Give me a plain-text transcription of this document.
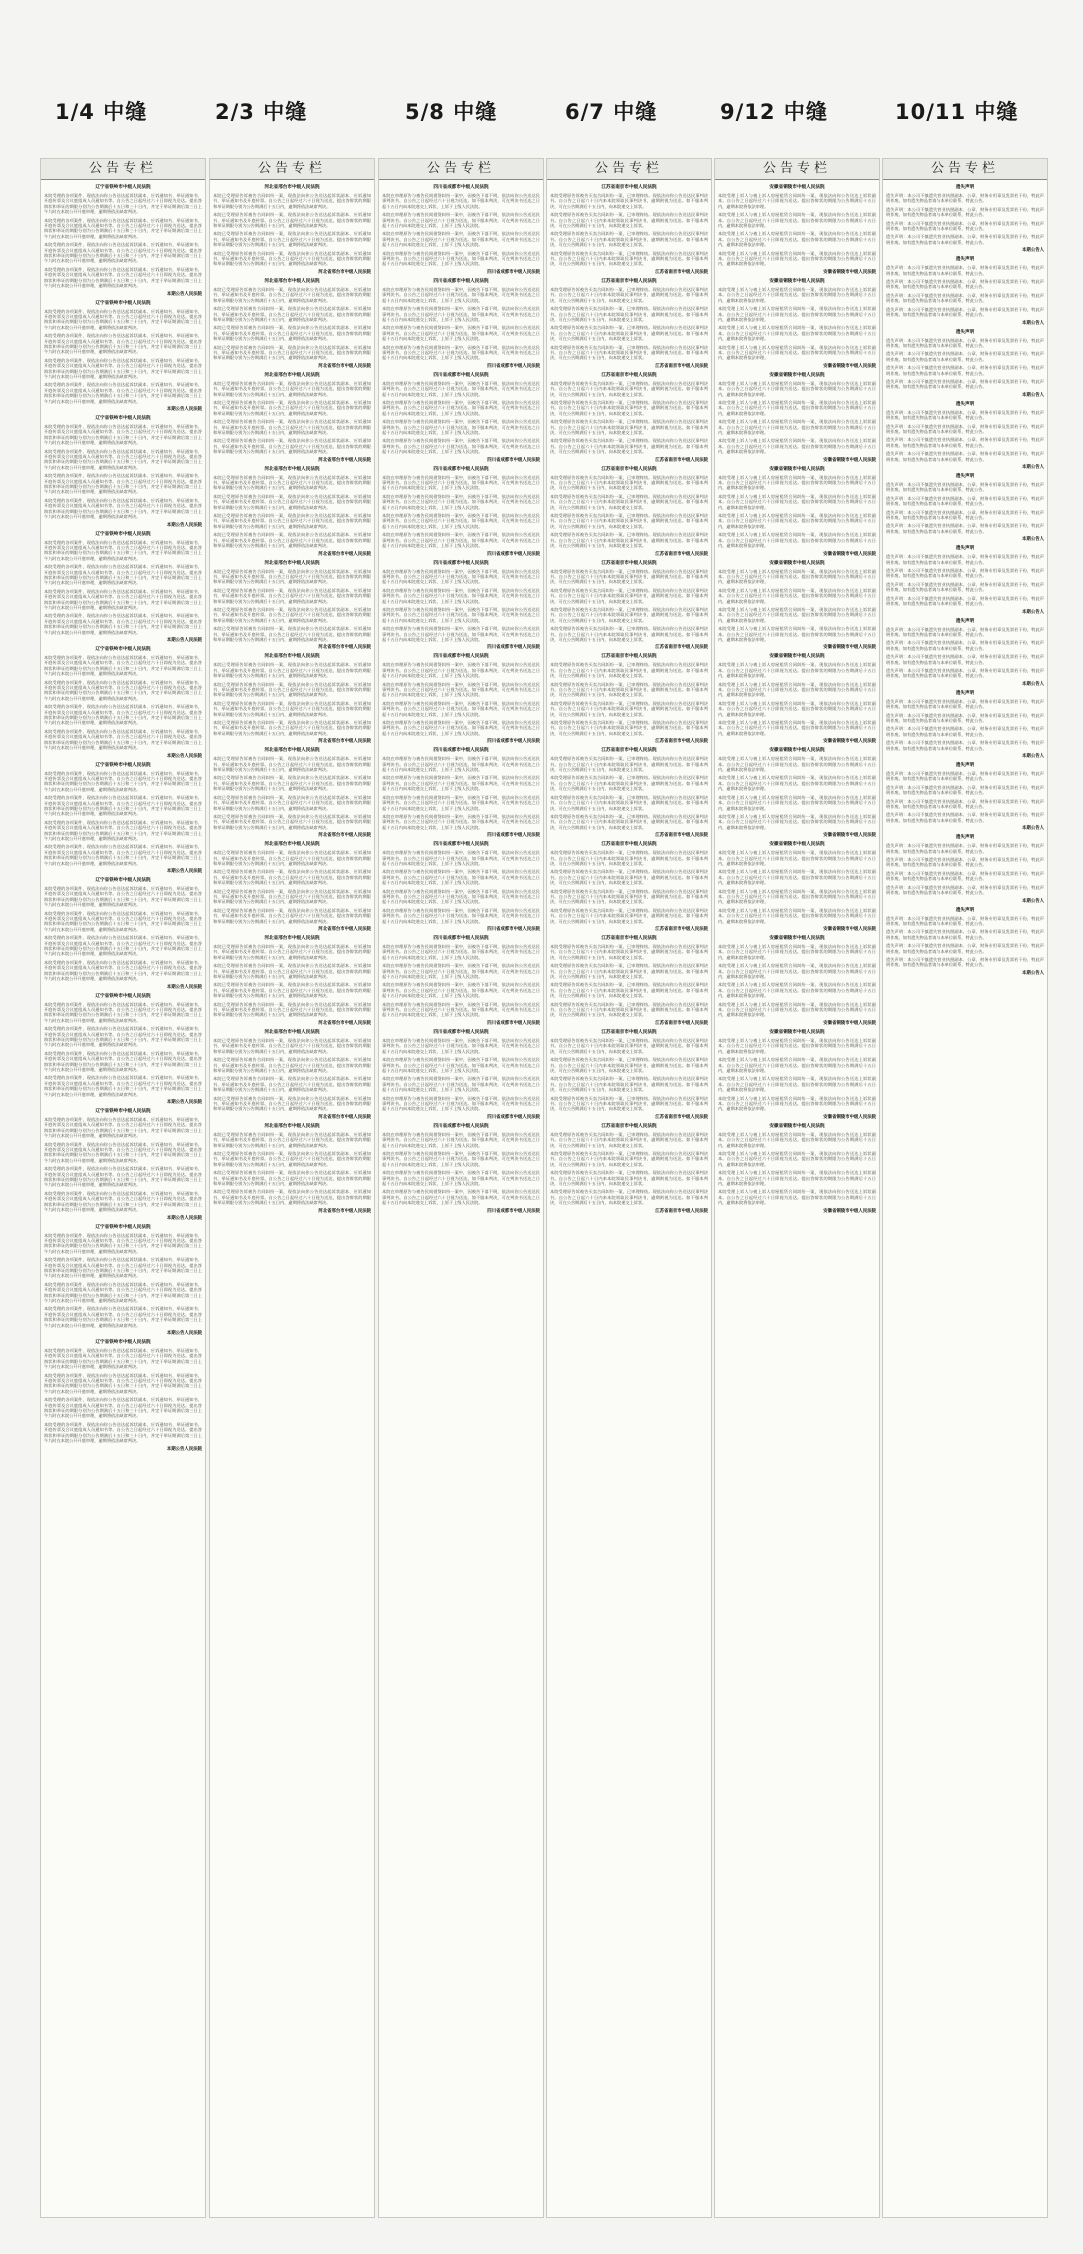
1/4 中缝
公告专栏
辽宁省铁岭市中级人民法院
本院受理的各项案件，现依法向你公告送达起诉状副本、应诉通知书、举证通知书、开庭传票及合议庭组成人员通知书等。自公告之日起经过六十日即视为送达。提出答辩状和举证的期限分别为公告期满后十五日和三十日内，并定于举证期满后第三日上午九时在本院公开开庭审理，逾期将依法缺席判决。
本院受理的各项案件，现依法向你公告送达起诉状副本、应诉通知书、举证通知书、开庭传票及合议庭组成人员通知书等。自公告之日起经过六十日即视为送达。提出答辩状和举证的期限分别为公告期满后十五日和三十日内，并定于举证期满后第三日上午九时在本院公开开庭审理，逾期将依法缺席判决。
本院受理的各项案件，现依法向你公告送达起诉状副本、应诉通知书、举证通知书、开庭传票及合议庭组成人员通知书等。自公告之日起经过六十日即视为送达。提出答辩状和举证的期限分别为公告期满后十五日和三十日内，并定于举证期满后第三日上午九时在本院公开开庭审理，逾期将依法缺席判决。
本院受理的各项案件，现依法向你公告送达起诉状副本、应诉通知书、举证通知书、开庭传票及合议庭组成人员通知书等。自公告之日起经过六十日即视为送达。提出答辩状和举证的期限分别为公告期满后十五日和三十日内，并定于举证期满后第三日上午九时在本院公开开庭审理，逾期将依法缺席判决。
本期公告人民法院
辽宁省铁岭市中级人民法院
本院受理的各项案件，现依法向你公告送达起诉状副本、应诉通知书、举证通知书、开庭传票及合议庭组成人员通知书等。自公告之日起经过六十日即视为送达。提出答辩状和举证的期限分别为公告期满后十五日和三十日内，并定于举证期满后第三日上午九时在本院公开开庭审理，逾期将依法缺席判决。
本院受理的各项案件，现依法向你公告送达起诉状副本、应诉通知书、举证通知书、开庭传票及合议庭组成人员通知书等。自公告之日起经过六十日即视为送达。提出答辩状和举证的期限分别为公告期满后十五日和三十日内，并定于举证期满后第三日上午九时在本院公开开庭审理，逾期将依法缺席判决。
本院受理的各项案件，现依法向你公告送达起诉状副本、应诉通知书、举证通知书、开庭传票及合议庭组成人员通知书等。自公告之日起经过六十日即视为送达。提出答辩状和举证的期限分别为公告期满后十五日和三十日内，并定于举证期满后第三日上午九时在本院公开开庭审理，逾期将依法缺席判决。
本院受理的各项案件，现依法向你公告送达起诉状副本、应诉通知书、举证通知书、开庭传票及合议庭组成人员通知书等。自公告之日起经过六十日即视为送达。提出答辩状和举证的期限分别为公告期满后十五日和三十日内，并定于举证期满后第三日上午九时在本院公开开庭审理，逾期将依法缺席判决。
本期公告人民法院
辽宁省铁岭市中级人民法院
本院受理的各项案件，现依法向你公告送达起诉状副本、应诉通知书、举证通知书、开庭传票及合议庭组成人员通知书等。自公告之日起经过六十日即视为送达。提出答辩状和举证的期限分别为公告期满后十五日和三十日内，并定于举证期满后第三日上午九时在本院公开开庭审理，逾期将依法缺席判决。
本院受理的各项案件，现依法向你公告送达起诉状副本、应诉通知书、举证通知书、开庭传票及合议庭组成人员通知书等。自公告之日起经过六十日即视为送达。提出答辩状和举证的期限分别为公告期满后十五日和三十日内，并定于举证期满后第三日上午九时在本院公开开庭审理，逾期将依法缺席判决。
本院受理的各项案件，现依法向你公告送达起诉状副本、应诉通知书、举证通知书、开庭传票及合议庭组成人员通知书等。自公告之日起经过六十日即视为送达。提出答辩状和举证的期限分别为公告期满后十五日和三十日内，并定于举证期满后第三日上午九时在本院公开开庭审理，逾期将依法缺席判决。
本院受理的各项案件，现依法向你公告送达起诉状副本、应诉通知书、举证通知书、开庭传票及合议庭组成人员通知书等。自公告之日起经过六十日即视为送达。提出答辩状和举证的期限分别为公告期满后十五日和三十日内，并定于举证期满后第三日上午九时在本院公开开庭审理，逾期将依法缺席判决。
本期公告人民法院
辽宁省铁岭市中级人民法院
本院受理的各项案件，现依法向你公告送达起诉状副本、应诉通知书、举证通知书、开庭传票及合议庭组成人员通知书等。自公告之日起经过六十日即视为送达。提出答辩状和举证的期限分别为公告期满后十五日和三十日内，并定于举证期满后第三日上午九时在本院公开开庭审理，逾期将依法缺席判决。
本院受理的各项案件，现依法向你公告送达起诉状副本、应诉通知书、举证通知书、开庭传票及合议庭组成人员通知书等。自公告之日起经过六十日即视为送达。提出答辩状和举证的期限分别为公告期满后十五日和三十日内，并定于举证期满后第三日上午九时在本院公开开庭审理，逾期将依法缺席判决。
本院受理的各项案件，现依法向你公告送达起诉状副本、应诉通知书、举证通知书、开庭传票及合议庭组成人员通知书等。自公告之日起经过六十日即视为送达。提出答辩状和举证的期限分别为公告期满后十五日和三十日内，并定于举证期满后第三日上午九时在本院公开开庭审理，逾期将依法缺席判决。
本院受理的各项案件，现依法向你公告送达起诉状副本、应诉通知书、举证通知书、开庭传票及合议庭组成人员通知书等。自公告之日起经过六十日即视为送达。提出答辩状和举证的期限分别为公告期满后十五日和三十日内，并定于举证期满后第三日上午九时在本院公开开庭审理，逾期将依法缺席判决。
本期公告人民法院
辽宁省铁岭市中级人民法院
本院受理的各项案件，现依法向你公告送达起诉状副本、应诉通知书、举证通知书、开庭传票及合议庭组成人员通知书等。自公告之日起经过六十日即视为送达。提出答辩状和举证的期限分别为公告期满后十五日和三十日内，并定于举证期满后第三日上午九时在本院公开开庭审理，逾期将依法缺席判决。
本院受理的各项案件，现依法向你公告送达起诉状副本、应诉通知书、举证通知书、开庭传票及合议庭组成人员通知书等。自公告之日起经过六十日即视为送达。提出答辩状和举证的期限分别为公告期满后十五日和三十日内，并定于举证期满后第三日上午九时在本院公开开庭审理，逾期将依法缺席判决。
本院受理的各项案件，现依法向你公告送达起诉状副本、应诉通知书、举证通知书、开庭传票及合议庭组成人员通知书等。自公告之日起经过六十日即视为送达。提出答辩状和举证的期限分别为公告期满后十五日和三十日内，并定于举证期满后第三日上午九时在本院公开开庭审理，逾期将依法缺席判决。
本院受理的各项案件，现依法向你公告送达起诉状副本、应诉通知书、举证通知书、开庭传票及合议庭组成人员通知书等。自公告之日起经过六十日即视为送达。提出答辩状和举证的期限分别为公告期满后十五日和三十日内，并定于举证期满后第三日上午九时在本院公开开庭审理，逾期将依法缺席判决。
本期公告人民法院
辽宁省铁岭市中级人民法院
本院受理的各项案件，现依法向你公告送达起诉状副本、应诉通知书、举证通知书、开庭传票及合议庭组成人员通知书等。自公告之日起经过六十日即视为送达。提出答辩状和举证的期限分别为公告期满后十五日和三十日内，并定于举证期满后第三日上午九时在本院公开开庭审理，逾期将依法缺席判决。
本院受理的各项案件，现依法向你公告送达起诉状副本、应诉通知书、举证通知书、开庭传票及合议庭组成人员通知书等。自公告之日起经过六十日即视为送达。提出答辩状和举证的期限分别为公告期满后十五日和三十日内，并定于举证期满后第三日上午九时在本院公开开庭审理，逾期将依法缺席判决。
本院受理的各项案件，现依法向你公告送达起诉状副本、应诉通知书、举证通知书、开庭传票及合议庭组成人员通知书等。自公告之日起经过六十日即视为送达。提出答辩状和举证的期限分别为公告期满后十五日和三十日内，并定于举证期满后第三日上午九时在本院公开开庭审理，逾期将依法缺席判决。
本院受理的各项案件，现依法向你公告送达起诉状副本、应诉通知书、举证通知书、开庭传票及合议庭组成人员通知书等。自公告之日起经过六十日即视为送达。提出答辩状和举证的期限分别为公告期满后十五日和三十日内，并定于举证期满后第三日上午九时在本院公开开庭审理，逾期将依法缺席判决。
本期公告人民法院
辽宁省铁岭市中级人民法院
本院受理的各项案件，现依法向你公告送达起诉状副本、应诉通知书、举证通知书、开庭传票及合议庭组成人员通知书等。自公告之日起经过六十日即视为送达。提出答辩状和举证的期限分别为公告期满后十五日和三十日内，并定于举证期满后第三日上午九时在本院公开开庭审理，逾期将依法缺席判决。
本院受理的各项案件，现依法向你公告送达起诉状副本、应诉通知书、举证通知书、开庭传票及合议庭组成人员通知书等。自公告之日起经过六十日即视为送达。提出答辩状和举证的期限分别为公告期满后十五日和三十日内，并定于举证期满后第三日上午九时在本院公开开庭审理，逾期将依法缺席判决。
本院受理的各项案件，现依法向你公告送达起诉状副本、应诉通知书、举证通知书、开庭传票及合议庭组成人员通知书等。自公告之日起经过六十日即视为送达。提出答辩状和举证的期限分别为公告期满后十五日和三十日内，并定于举证期满后第三日上午九时在本院公开开庭审理，逾期将依法缺席判决。
本院受理的各项案件，现依法向你公告送达起诉状副本、应诉通知书、举证通知书、开庭传票及合议庭组成人员通知书等。自公告之日起经过六十日即视为送达。提出答辩状和举证的期限分别为公告期满后十五日和三十日内，并定于举证期满后第三日上午九时在本院公开开庭审理，逾期将依法缺席判决。
本期公告人民法院
辽宁省铁岭市中级人民法院
本院受理的各项案件，现依法向你公告送达起诉状副本、应诉通知书、举证通知书、开庭传票及合议庭组成人员通知书等。自公告之日起经过六十日即视为送达。提出答辩状和举证的期限分别为公告期满后十五日和三十日内，并定于举证期满后第三日上午九时在本院公开开庭审理，逾期将依法缺席判决。
本院受理的各项案件，现依法向你公告送达起诉状副本、应诉通知书、举证通知书、开庭传票及合议庭组成人员通知书等。自公告之日起经过六十日即视为送达。提出答辩状和举证的期限分别为公告期满后十五日和三十日内，并定于举证期满后第三日上午九时在本院公开开庭审理，逾期将依法缺席判决。
本院受理的各项案件，现依法向你公告送达起诉状副本、应诉通知书、举证通知书、开庭传票及合议庭组成人员通知书等。自公告之日起经过六十日即视为送达。提出答辩状和举证的期限分别为公告期满后十五日和三十日内，并定于举证期满后第三日上午九时在本院公开开庭审理，逾期将依法缺席判决。
本院受理的各项案件，现依法向你公告送达起诉状副本、应诉通知书、举证通知书、开庭传票及合议庭组成人员通知书等。自公告之日起经过六十日即视为送达。提出答辩状和举证的期限分别为公告期满后十五日和三十日内，并定于举证期满后第三日上午九时在本院公开开庭审理，逾期将依法缺席判决。
本期公告人民法院
辽宁省铁岭市中级人民法院
本院受理的各项案件，现依法向你公告送达起诉状副本、应诉通知书、举证通知书、开庭传票及合议庭组成人员通知书等。自公告之日起经过六十日即视为送达。提出答辩状和举证的期限分别为公告期满后十五日和三十日内，并定于举证期满后第三日上午九时在本院公开开庭审理，逾期将依法缺席判决。
本院受理的各项案件，现依法向你公告送达起诉状副本、应诉通知书、举证通知书、开庭传票及合议庭组成人员通知书等。自公告之日起经过六十日即视为送达。提出答辩状和举证的期限分别为公告期满后十五日和三十日内，并定于举证期满后第三日上午九时在本院公开开庭审理，逾期将依法缺席判决。
本院受理的各项案件，现依法向你公告送达起诉状副本、应诉通知书、举证通知书、开庭传票及合议庭组成人员通知书等。自公告之日起经过六十日即视为送达。提出答辩状和举证的期限分别为公告期满后十五日和三十日内，并定于举证期满后第三日上午九时在本院公开开庭审理，逾期将依法缺席判决。
本院受理的各项案件，现依法向你公告送达起诉状副本、应诉通知书、举证通知书、开庭传票及合议庭组成人员通知书等。自公告之日起经过六十日即视为送达。提出答辩状和举证的期限分别为公告期满后十五日和三十日内，并定于举证期满后第三日上午九时在本院公开开庭审理，逾期将依法缺席判决。
本期公告人民法院
辽宁省铁岭市中级人民法院
本院受理的各项案件，现依法向你公告送达起诉状副本、应诉通知书、举证通知书、开庭传票及合议庭组成人员通知书等。自公告之日起经过六十日即视为送达。提出答辩状和举证的期限分别为公告期满后十五日和三十日内，并定于举证期满后第三日上午九时在本院公开开庭审理，逾期将依法缺席判决。
本院受理的各项案件，现依法向你公告送达起诉状副本、应诉通知书、举证通知书、开庭传票及合议庭组成人员通知书等。自公告之日起经过六十日即视为送达。提出答辩状和举证的期限分别为公告期满后十五日和三十日内，并定于举证期满后第三日上午九时在本院公开开庭审理，逾期将依法缺席判决。
本院受理的各项案件，现依法向你公告送达起诉状副本、应诉通知书、举证通知书、开庭传票及合议庭组成人员通知书等。自公告之日起经过六十日即视为送达。提出答辩状和举证的期限分别为公告期满后十五日和三十日内，并定于举证期满后第三日上午九时在本院公开开庭审理，逾期将依法缺席判决。
本院受理的各项案件，现依法向你公告送达起诉状副本、应诉通知书、举证通知书、开庭传票及合议庭组成人员通知书等。自公告之日起经过六十日即视为送达。提出答辩状和举证的期限分别为公告期满后十五日和三十日内，并定于举证期满后第三日上午九时在本院公开开庭审理，逾期将依法缺席判决。
本期公告人民法院
辽宁省铁岭市中级人民法院
本院受理的各项案件，现依法向你公告送达起诉状副本、应诉通知书、举证通知书、开庭传票及合议庭组成人员通知书等。自公告之日起经过六十日即视为送达。提出答辩状和举证的期限分别为公告期满后十五日和三十日内，并定于举证期满后第三日上午九时在本院公开开庭审理，逾期将依法缺席判决。
本院受理的各项案件，现依法向你公告送达起诉状副本、应诉通知书、举证通知书、开庭传票及合议庭组成人员通知书等。自公告之日起经过六十日即视为送达。提出答辩状和举证的期限分别为公告期满后十五日和三十日内，并定于举证期满后第三日上午九时在本院公开开庭审理，逾期将依法缺席判决。
本院受理的各项案件，现依法向你公告送达起诉状副本、应诉通知书、举证通知书、开庭传票及合议庭组成人员通知书等。自公告之日起经过六十日即视为送达。提出答辩状和举证的期限分别为公告期满后十五日和三十日内，并定于举证期满后第三日上午九时在本院公开开庭审理，逾期将依法缺席判决。
本院受理的各项案件，现依法向你公告送达起诉状副本、应诉通知书、举证通知书、开庭传票及合议庭组成人员通知书等。自公告之日起经过六十日即视为送达。提出答辩状和举证的期限分别为公告期满后十五日和三十日内，并定于举证期满后第三日上午九时在本院公开开庭审理，逾期将依法缺席判决。
本期公告人民法院
2/3 中缝
公告专栏
河北省邢台市中级人民法院
本院已受理原告诉被告合同纠纷一案，现依法向你公告送达起诉状副本、应诉通知书、举证通知书及开庭传票。自公告之日起经过六十日视为送达，提出答辩状的期限和举证期限分别为公告期满后十五日内，逾期将依法缺席判决。
本院已受理原告诉被告合同纠纷一案，现依法向你公告送达起诉状副本、应诉通知书、举证通知书及开庭传票。自公告之日起经过六十日视为送达，提出答辩状的期限和举证期限分别为公告期满后十五日内，逾期将依法缺席判决。
本院已受理原告诉被告合同纠纷一案，现依法向你公告送达起诉状副本、应诉通知书、举证通知书及开庭传票。自公告之日起经过六十日视为送达，提出答辩状的期限和举证期限分别为公告期满后十五日内，逾期将依法缺席判决。
本院已受理原告诉被告合同纠纷一案，现依法向你公告送达起诉状副本、应诉通知书、举证通知书及开庭传票。自公告之日起经过六十日视为送达，提出答辩状的期限和举证期限分别为公告期满后十五日内，逾期将依法缺席判决。
河北省邢台市中级人民法院
河北省邢台市中级人民法院
本院已受理原告诉被告合同纠纷一案，现依法向你公告送达起诉状副本、应诉通知书、举证通知书及开庭传票。自公告之日起经过六十日视为送达，提出答辩状的期限和举证期限分别为公告期满后十五日内，逾期将依法缺席判决。
本院已受理原告诉被告合同纠纷一案，现依法向你公告送达起诉状副本、应诉通知书、举证通知书及开庭传票。自公告之日起经过六十日视为送达，提出答辩状的期限和举证期限分别为公告期满后十五日内，逾期将依法缺席判决。
本院已受理原告诉被告合同纠纷一案，现依法向你公告送达起诉状副本、应诉通知书、举证通知书及开庭传票。自公告之日起经过六十日视为送达，提出答辩状的期限和举证期限分别为公告期满后十五日内，逾期将依法缺席判决。
本院已受理原告诉被告合同纠纷一案，现依法向你公告送达起诉状副本、应诉通知书、举证通知书及开庭传票。自公告之日起经过六十日视为送达，提出答辩状的期限和举证期限分别为公告期满后十五日内，逾期将依法缺席判决。
河北省邢台市中级人民法院
河北省邢台市中级人民法院
本院已受理原告诉被告合同纠纷一案，现依法向你公告送达起诉状副本、应诉通知书、举证通知书及开庭传票。自公告之日起经过六十日视为送达，提出答辩状的期限和举证期限分别为公告期满后十五日内，逾期将依法缺席判决。
本院已受理原告诉被告合同纠纷一案，现依法向你公告送达起诉状副本、应诉通知书、举证通知书及开庭传票。自公告之日起经过六十日视为送达，提出答辩状的期限和举证期限分别为公告期满后十五日内，逾期将依法缺席判决。
本院已受理原告诉被告合同纠纷一案，现依法向你公告送达起诉状副本、应诉通知书、举证通知书及开庭传票。自公告之日起经过六十日视为送达，提出答辩状的期限和举证期限分别为公告期满后十五日内，逾期将依法缺席判决。
本院已受理原告诉被告合同纠纷一案，现依法向你公告送达起诉状副本、应诉通知书、举证通知书及开庭传票。自公告之日起经过六十日视为送达，提出答辩状的期限和举证期限分别为公告期满后十五日内，逾期将依法缺席判决。
河北省邢台市中级人民法院
河北省邢台市中级人民法院
本院已受理原告诉被告合同纠纷一案，现依法向你公告送达起诉状副本、应诉通知书、举证通知书及开庭传票。自公告之日起经过六十日视为送达，提出答辩状的期限和举证期限分别为公告期满后十五日内，逾期将依法缺席判决。
本院已受理原告诉被告合同纠纷一案，现依法向你公告送达起诉状副本、应诉通知书、举证通知书及开庭传票。自公告之日起经过六十日视为送达，提出答辩状的期限和举证期限分别为公告期满后十五日内，逾期将依法缺席判决。
本院已受理原告诉被告合同纠纷一案，现依法向你公告送达起诉状副本、应诉通知书、举证通知书及开庭传票。自公告之日起经过六十日视为送达，提出答辩状的期限和举证期限分别为公告期满后十五日内，逾期将依法缺席判决。
本院已受理原告诉被告合同纠纷一案，现依法向你公告送达起诉状副本、应诉通知书、举证通知书及开庭传票。自公告之日起经过六十日视为送达，提出答辩状的期限和举证期限分别为公告期满后十五日内，逾期将依法缺席判决。
河北省邢台市中级人民法院
河北省邢台市中级人民法院
本院已受理原告诉被告合同纠纷一案，现依法向你公告送达起诉状副本、应诉通知书、举证通知书及开庭传票。自公告之日起经过六十日视为送达，提出答辩状的期限和举证期限分别为公告期满后十五日内，逾期将依法缺席判决。
本院已受理原告诉被告合同纠纷一案，现依法向你公告送达起诉状副本、应诉通知书、举证通知书及开庭传票。自公告之日起经过六十日视为送达，提出答辩状的期限和举证期限分别为公告期满后十五日内，逾期将依法缺席判决。
本院已受理原告诉被告合同纠纷一案，现依法向你公告送达起诉状副本、应诉通知书、举证通知书及开庭传票。自公告之日起经过六十日视为送达，提出答辩状的期限和举证期限分别为公告期满后十五日内，逾期将依法缺席判决。
本院已受理原告诉被告合同纠纷一案，现依法向你公告送达起诉状副本、应诉通知书、举证通知书及开庭传票。自公告之日起经过六十日视为送达，提出答辩状的期限和举证期限分别为公告期满后十五日内，逾期将依法缺席判决。
河北省邢台市中级人民法院
河北省邢台市中级人民法院
本院已受理原告诉被告合同纠纷一案，现依法向你公告送达起诉状副本、应诉通知书、举证通知书及开庭传票。自公告之日起经过六十日视为送达，提出答辩状的期限和举证期限分别为公告期满后十五日内，逾期将依法缺席判决。
本院已受理原告诉被告合同纠纷一案，现依法向你公告送达起诉状副本、应诉通知书、举证通知书及开庭传票。自公告之日起经过六十日视为送达，提出答辩状的期限和举证期限分别为公告期满后十五日内，逾期将依法缺席判决。
本院已受理原告诉被告合同纠纷一案，现依法向你公告送达起诉状副本、应诉通知书、举证通知书及开庭传票。自公告之日起经过六十日视为送达，提出答辩状的期限和举证期限分别为公告期满后十五日内，逾期将依法缺席判决。
本院已受理原告诉被告合同纠纷一案，现依法向你公告送达起诉状副本、应诉通知书、举证通知书及开庭传票。自公告之日起经过六十日视为送达，提出答辩状的期限和举证期限分别为公告期满后十五日内，逾期将依法缺席判决。
河北省邢台市中级人民法院
河北省邢台市中级人民法院
本院已受理原告诉被告合同纠纷一案，现依法向你公告送达起诉状副本、应诉通知书、举证通知书及开庭传票。自公告之日起经过六十日视为送达，提出答辩状的期限和举证期限分别为公告期满后十五日内，逾期将依法缺席判决。
本院已受理原告诉被告合同纠纷一案，现依法向你公告送达起诉状副本、应诉通知书、举证通知书及开庭传票。自公告之日起经过六十日视为送达，提出答辩状的期限和举证期限分别为公告期满后十五日内，逾期将依法缺席判决。
本院已受理原告诉被告合同纠纷一案，现依法向你公告送达起诉状副本、应诉通知书、举证通知书及开庭传票。自公告之日起经过六十日视为送达，提出答辩状的期限和举证期限分别为公告期满后十五日内，逾期将依法缺席判决。
本院已受理原告诉被告合同纠纷一案，现依法向你公告送达起诉状副本、应诉通知书、举证通知书及开庭传票。自公告之日起经过六十日视为送达，提出答辩状的期限和举证期限分别为公告期满后十五日内，逾期将依法缺席判决。
河北省邢台市中级人民法院
河北省邢台市中级人民法院
本院已受理原告诉被告合同纠纷一案，现依法向你公告送达起诉状副本、应诉通知书、举证通知书及开庭传票。自公告之日起经过六十日视为送达，提出答辩状的期限和举证期限分别为公告期满后十五日内，逾期将依法缺席判决。
本院已受理原告诉被告合同纠纷一案，现依法向你公告送达起诉状副本、应诉通知书、举证通知书及开庭传票。自公告之日起经过六十日视为送达，提出答辩状的期限和举证期限分别为公告期满后十五日内，逾期将依法缺席判决。
本院已受理原告诉被告合同纠纷一案，现依法向你公告送达起诉状副本、应诉通知书、举证通知书及开庭传票。自公告之日起经过六十日视为送达，提出答辩状的期限和举证期限分别为公告期满后十五日内，逾期将依法缺席判决。
本院已受理原告诉被告合同纠纷一案，现依法向你公告送达起诉状副本、应诉通知书、举证通知书及开庭传票。自公告之日起经过六十日视为送达，提出答辩状的期限和举证期限分别为公告期满后十五日内，逾期将依法缺席判决。
河北省邢台市中级人民法院
河北省邢台市中级人民法院
本院已受理原告诉被告合同纠纷一案，现依法向你公告送达起诉状副本、应诉通知书、举证通知书及开庭传票。自公告之日起经过六十日视为送达，提出答辩状的期限和举证期限分别为公告期满后十五日内，逾期将依法缺席判决。
本院已受理原告诉被告合同纠纷一案，现依法向你公告送达起诉状副本、应诉通知书、举证通知书及开庭传票。自公告之日起经过六十日视为送达，提出答辩状的期限和举证期限分别为公告期满后十五日内，逾期将依法缺席判决。
本院已受理原告诉被告合同纠纷一案，现依法向你公告送达起诉状副本、应诉通知书、举证通知书及开庭传票。自公告之日起经过六十日视为送达，提出答辩状的期限和举证期限分别为公告期满后十五日内，逾期将依法缺席判决。
本院已受理原告诉被告合同纠纷一案，现依法向你公告送达起诉状副本、应诉通知书、举证通知书及开庭传票。自公告之日起经过六十日视为送达，提出答辩状的期限和举证期限分别为公告期满后十五日内，逾期将依法缺席判决。
河北省邢台市中级人民法院
河北省邢台市中级人民法院
本院已受理原告诉被告合同纠纷一案，现依法向你公告送达起诉状副本、应诉通知书、举证通知书及开庭传票。自公告之日起经过六十日视为送达，提出答辩状的期限和举证期限分别为公告期满后十五日内，逾期将依法缺席判决。
本院已受理原告诉被告合同纠纷一案，现依法向你公告送达起诉状副本、应诉通知书、举证通知书及开庭传票。自公告之日起经过六十日视为送达，提出答辩状的期限和举证期限分别为公告期满后十五日内，逾期将依法缺席判决。
本院已受理原告诉被告合同纠纷一案，现依法向你公告送达起诉状副本、应诉通知书、举证通知书及开庭传票。自公告之日起经过六十日视为送达，提出答辩状的期限和举证期限分别为公告期满后十五日内，逾期将依法缺席判决。
本院已受理原告诉被告合同纠纷一案，现依法向你公告送达起诉状副本、应诉通知书、举证通知书及开庭传票。自公告之日起经过六十日视为送达，提出答辩状的期限和举证期限分别为公告期满后十五日内，逾期将依法缺席判决。
河北省邢台市中级人民法院
河北省邢台市中级人民法院
本院已受理原告诉被告合同纠纷一案，现依法向你公告送达起诉状副本、应诉通知书、举证通知书及开庭传票。自公告之日起经过六十日视为送达，提出答辩状的期限和举证期限分别为公告期满后十五日内，逾期将依法缺席判决。
本院已受理原告诉被告合同纠纷一案，现依法向你公告送达起诉状副本、应诉通知书、举证通知书及开庭传票。自公告之日起经过六十日视为送达，提出答辩状的期限和举证期限分别为公告期满后十五日内，逾期将依法缺席判决。
本院已受理原告诉被告合同纠纷一案，现依法向你公告送达起诉状副本、应诉通知书、举证通知书及开庭传票。自公告之日起经过六十日视为送达，提出答辩状的期限和举证期限分别为公告期满后十五日内，逾期将依法缺席判决。
本院已受理原告诉被告合同纠纷一案，现依法向你公告送达起诉状副本、应诉通知书、举证通知书及开庭传票。自公告之日起经过六十日视为送达，提出答辩状的期限和举证期限分别为公告期满后十五日内，逾期将依法缺席判决。
河北省邢台市中级人民法院
5/8 中缝
公告专栏
四川省成都市中级人民法院
本院在审理原告与被告民间借贷纠纷一案中，因被告下落不明，依法向你公告送达民事判决书。自公告之日起经过六十日视为送达。如不服本判决，可在判决书送达之日起十五日内向本院递交上诉状，上诉于上级人民法院。
本院在审理原告与被告民间借贷纠纷一案中，因被告下落不明，依法向你公告送达民事判决书。自公告之日起经过六十日视为送达。如不服本判决，可在判决书送达之日起十五日内向本院递交上诉状，上诉于上级人民法院。
本院在审理原告与被告民间借贷纠纷一案中，因被告下落不明，依法向你公告送达民事判决书。自公告之日起经过六十日视为送达。如不服本判决，可在判决书送达之日起十五日内向本院递交上诉状，上诉于上级人民法院。
本院在审理原告与被告民间借贷纠纷一案中，因被告下落不明，依法向你公告送达民事判决书。自公告之日起经过六十日视为送达。如不服本判决，可在判决书送达之日起十五日内向本院递交上诉状，上诉于上级人民法院。
四川省成都市中级人民法院
四川省成都市中级人民法院
本院在审理原告与被告民间借贷纠纷一案中，因被告下落不明，依法向你公告送达民事判决书。自公告之日起经过六十日视为送达。如不服本判决，可在判决书送达之日起十五日内向本院递交上诉状，上诉于上级人民法院。
本院在审理原告与被告民间借贷纠纷一案中，因被告下落不明，依法向你公告送达民事判决书。自公告之日起经过六十日视为送达。如不服本判决，可在判决书送达之日起十五日内向本院递交上诉状，上诉于上级人民法院。
本院在审理原告与被告民间借贷纠纷一案中，因被告下落不明，依法向你公告送达民事判决书。自公告之日起经过六十日视为送达。如不服本判决，可在判决书送达之日起十五日内向本院递交上诉状，上诉于上级人民法院。
本院在审理原告与被告民间借贷纠纷一案中，因被告下落不明，依法向你公告送达民事判决书。自公告之日起经过六十日视为送达。如不服本判决，可在判决书送达之日起十五日内向本院递交上诉状，上诉于上级人民法院。
四川省成都市中级人民法院
四川省成都市中级人民法院
本院在审理原告与被告民间借贷纠纷一案中，因被告下落不明，依法向你公告送达民事判决书。自公告之日起经过六十日视为送达。如不服本判决，可在判决书送达之日起十五日内向本院递交上诉状，上诉于上级人民法院。
本院在审理原告与被告民间借贷纠纷一案中，因被告下落不明，依法向你公告送达民事判决书。自公告之日起经过六十日视为送达。如不服本判决，可在判决书送达之日起十五日内向本院递交上诉状，上诉于上级人民法院。
本院在审理原告与被告民间借贷纠纷一案中，因被告下落不明，依法向你公告送达民事判决书。自公告之日起经过六十日视为送达。如不服本判决，可在判决书送达之日起十五日内向本院递交上诉状，上诉于上级人民法院。
本院在审理原告与被告民间借贷纠纷一案中，因被告下落不明，依法向你公告送达民事判决书。自公告之日起经过六十日视为送达。如不服本判决，可在判决书送达之日起十五日内向本院递交上诉状，上诉于上级人民法院。
四川省成都市中级人民法院
四川省成都市中级人民法院
本院在审理原告与被告民间借贷纠纷一案中，因被告下落不明，依法向你公告送达民事判决书。自公告之日起经过六十日视为送达。如不服本判决，可在判决书送达之日起十五日内向本院递交上诉状，上诉于上级人民法院。
本院在审理原告与被告民间借贷纠纷一案中，因被告下落不明，依法向你公告送达民事判决书。自公告之日起经过六十日视为送达。如不服本判决，可在判决书送达之日起十五日内向本院递交上诉状，上诉于上级人民法院。
本院在审理原告与被告民间借贷纠纷一案中，因被告下落不明，依法向你公告送达民事判决书。自公告之日起经过六十日视为送达。如不服本判决，可在判决书送达之日起十五日内向本院递交上诉状，上诉于上级人民法院。
本院在审理原告与被告民间借贷纠纷一案中，因被告下落不明，依法向你公告送达民事判决书。自公告之日起经过六十日视为送达。如不服本判决，可在判决书送达之日起十五日内向本院递交上诉状，上诉于上级人民法院。
四川省成都市中级人民法院
四川省成都市中级人民法院
本院在审理原告与被告民间借贷纠纷一案中，因被告下落不明，依法向你公告送达民事判决书。自公告之日起经过六十日视为送达。如不服本判决，可在判决书送达之日起十五日内向本院递交上诉状，上诉于上级人民法院。
本院在审理原告与被告民间借贷纠纷一案中，因被告下落不明，依法向你公告送达民事判决书。自公告之日起经过六十日视为送达。如不服本判决，可在判决书送达之日起十五日内向本院递交上诉状，上诉于上级人民法院。
本院在审理原告与被告民间借贷纠纷一案中，因被告下落不明，依法向你公告送达民事判决书。自公告之日起经过六十日视为送达。如不服本判决，可在判决书送达之日起十五日内向本院递交上诉状，上诉于上级人民法院。
本院在审理原告与被告民间借贷纠纷一案中，因被告下落不明，依法向你公告送达民事判决书。自公告之日起经过六十日视为送达。如不服本判决，可在判决书送达之日起十五日内向本院递交上诉状，上诉于上级人民法院。
四川省成都市中级人民法院
四川省成都市中级人民法院
本院在审理原告与被告民间借贷纠纷一案中，因被告下落不明，依法向你公告送达民事判决书。自公告之日起经过六十日视为送达。如不服本判决，可在判决书送达之日起十五日内向本院递交上诉状，上诉于上级人民法院。
本院在审理原告与被告民间借贷纠纷一案中，因被告下落不明，依法向你公告送达民事判决书。自公告之日起经过六十日视为送达。如不服本判决，可在判决书送达之日起十五日内向本院递交上诉状，上诉于上级人民法院。
本院在审理原告与被告民间借贷纠纷一案中，因被告下落不明，依法向你公告送达民事判决书。自公告之日起经过六十日视为送达。如不服本判决，可在判决书送达之日起十五日内向本院递交上诉状，上诉于上级人民法院。
本院在审理原告与被告民间借贷纠纷一案中，因被告下落不明，依法向你公告送达民事判决书。自公告之日起经过六十日视为送达。如不服本判决，可在判决书送达之日起十五日内向本院递交上诉状，上诉于上级人民法院。
四川省成都市中级人民法院
四川省成都市中级人民法院
本院在审理原告与被告民间借贷纠纷一案中，因被告下落不明，依法向你公告送达民事判决书。自公告之日起经过六十日视为送达。如不服本判决，可在判决书送达之日起十五日内向本院递交上诉状，上诉于上级人民法院。
本院在审理原告与被告民间借贷纠纷一案中，因被告下落不明，依法向你公告送达民事判决书。自公告之日起经过六十日视为送达。如不服本判决，可在判决书送达之日起十五日内向本院递交上诉状，上诉于上级人民法院。
本院在审理原告与被告民间借贷纠纷一案中，因被告下落不明，依法向你公告送达民事判决书。自公告之日起经过六十日视为送达。如不服本判决，可在判决书送达之日起十五日内向本院递交上诉状，上诉于上级人民法院。
本院在审理原告与被告民间借贷纠纷一案中，因被告下落不明，依法向你公告送达民事判决书。自公告之日起经过六十日视为送达。如不服本判决，可在判决书送达之日起十五日内向本院递交上诉状，上诉于上级人民法院。
四川省成都市中级人民法院
四川省成都市中级人民法院
本院在审理原告与被告民间借贷纠纷一案中，因被告下落不明，依法向你公告送达民事判决书。自公告之日起经过六十日视为送达。如不服本判决，可在判决书送达之日起十五日内向本院递交上诉状，上诉于上级人民法院。
本院在审理原告与被告民间借贷纠纷一案中，因被告下落不明，依法向你公告送达民事判决书。自公告之日起经过六十日视为送达。如不服本判决，可在判决书送达之日起十五日内向本院递交上诉状，上诉于上级人民法院。
本院在审理原告与被告民间借贷纠纷一案中，因被告下落不明，依法向你公告送达民事判决书。自公告之日起经过六十日视为送达。如不服本判决，可在判决书送达之日起十五日内向本院递交上诉状，上诉于上级人民法院。
本院在审理原告与被告民间借贷纠纷一案中，因被告下落不明，依法向你公告送达民事判决书。自公告之日起经过六十日视为送达。如不服本判决，可在判决书送达之日起十五日内向本院递交上诉状，上诉于上级人民法院。
四川省成都市中级人民法院
四川省成都市中级人民法院
本院在审理原告与被告民间借贷纠纷一案中，因被告下落不明，依法向你公告送达民事判决书。自公告之日起经过六十日视为送达。如不服本判决，可在判决书送达之日起十五日内向本院递交上诉状，上诉于上级人民法院。
本院在审理原告与被告民间借贷纠纷一案中，因被告下落不明，依法向你公告送达民事判决书。自公告之日起经过六十日视为送达。如不服本判决，可在判决书送达之日起十五日内向本院递交上诉状，上诉于上级人民法院。
本院在审理原告与被告民间借贷纠纷一案中，因被告下落不明，依法向你公告送达民事判决书。自公告之日起经过六十日视为送达。如不服本判决，可在判决书送达之日起十五日内向本院递交上诉状，上诉于上级人民法院。
本院在审理原告与被告民间借贷纠纷一案中，因被告下落不明，依法向你公告送达民事判决书。自公告之日起经过六十日视为送达。如不服本判决，可在判决书送达之日起十五日内向本院递交上诉状，上诉于上级人民法院。
四川省成都市中级人民法院
四川省成都市中级人民法院
本院在审理原告与被告民间借贷纠纷一案中，因被告下落不明，依法向你公告送达民事判决书。自公告之日起经过六十日视为送达。如不服本判决，可在判决书送达之日起十五日内向本院递交上诉状，上诉于上级人民法院。
本院在审理原告与被告民间借贷纠纷一案中，因被告下落不明，依法向你公告送达民事判决书。自公告之日起经过六十日视为送达。如不服本判决，可在判决书送达之日起十五日内向本院递交上诉状，上诉于上级人民法院。
本院在审理原告与被告民间借贷纠纷一案中，因被告下落不明，依法向你公告送达民事判决书。自公告之日起经过六十日视为送达。如不服本判决，可在判决书送达之日起十五日内向本院递交上诉状，上诉于上级人民法院。
本院在审理原告与被告民间借贷纠纷一案中，因被告下落不明，依法向你公告送达民事判决书。自公告之日起经过六十日视为送达。如不服本判决，可在判决书送达之日起十五日内向本院递交上诉状，上诉于上级人民法院。
四川省成都市中级人民法院
四川省成都市中级人民法院
本院在审理原告与被告民间借贷纠纷一案中，因被告下落不明，依法向你公告送达民事判决书。自公告之日起经过六十日视为送达。如不服本判决，可在判决书送达之日起十五日内向本院递交上诉状，上诉于上级人民法院。
本院在审理原告与被告民间借贷纠纷一案中，因被告下落不明，依法向你公告送达民事判决书。自公告之日起经过六十日视为送达。如不服本判决，可在判决书送达之日起十五日内向本院递交上诉状，上诉于上级人民法院。
本院在审理原告与被告民间借贷纠纷一案中，因被告下落不明，依法向你公告送达民事判决书。自公告之日起经过六十日视为送达。如不服本判决，可在判决书送达之日起十五日内向本院递交上诉状，上诉于上级人民法院。
本院在审理原告与被告民间借贷纠纷一案中，因被告下落不明，依法向你公告送达民事判决书。自公告之日起经过六十日视为送达。如不服本判决，可在判决书送达之日起十五日内向本院递交上诉状，上诉于上级人民法院。
四川省成都市中级人民法院
6/7 中缝
公告专栏
江苏省南京市中级人民法院
本院受理原告诉被告买卖合同纠纷一案，已审理终结。现依法向你公告送达民事判决书。自公告之日起六十日内来本院领取民事判决书，逾期则视为送达。如不服本判决，可在公告期满后十五日内，向本院递交上诉状。
本院受理原告诉被告买卖合同纠纷一案，已审理终结。现依法向你公告送达民事判决书。自公告之日起六十日内来本院领取民事判决书，逾期则视为送达。如不服本判决，可在公告期满后十五日内，向本院递交上诉状。
本院受理原告诉被告买卖合同纠纷一案，已审理终结。现依法向你公告送达民事判决书。自公告之日起六十日内来本院领取民事判决书，逾期则视为送达。如不服本判决，可在公告期满后十五日内，向本院递交上诉状。
本院受理原告诉被告买卖合同纠纷一案，已审理终结。现依法向你公告送达民事判决书。自公告之日起六十日内来本院领取民事判决书，逾期则视为送达。如不服本判决，可在公告期满后十五日内，向本院递交上诉状。
江苏省南京市中级人民法院
江苏省南京市中级人民法院
本院受理原告诉被告买卖合同纠纷一案，已审理终结。现依法向你公告送达民事判决书。自公告之日起六十日内来本院领取民事判决书，逾期则视为送达。如不服本判决，可在公告期满后十五日内，向本院递交上诉状。
本院受理原告诉被告买卖合同纠纷一案，已审理终结。现依法向你公告送达民事判决书。自公告之日起六十日内来本院领取民事判决书，逾期则视为送达。如不服本判决，可在公告期满后十五日内，向本院递交上诉状。
本院受理原告诉被告买卖合同纠纷一案，已审理终结。现依法向你公告送达民事判决书。自公告之日起六十日内来本院领取民事判决书，逾期则视为送达。如不服本判决，可在公告期满后十五日内，向本院递交上诉状。
本院受理原告诉被告买卖合同纠纷一案，已审理终结。现依法向你公告送达民事判决书。自公告之日起六十日内来本院领取民事判决书，逾期则视为送达。如不服本判决，可在公告期满后十五日内，向本院递交上诉状。
江苏省南京市中级人民法院
江苏省南京市中级人民法院
本院受理原告诉被告买卖合同纠纷一案，已审理终结。现依法向你公告送达民事判决书。自公告之日起六十日内来本院领取民事判决书，逾期则视为送达。如不服本判决，可在公告期满后十五日内，向本院递交上诉状。
本院受理原告诉被告买卖合同纠纷一案，已审理终结。现依法向你公告送达民事判决书。自公告之日起六十日内来本院领取民事判决书，逾期则视为送达。如不服本判决，可在公告期满后十五日内，向本院递交上诉状。
本院受理原告诉被告买卖合同纠纷一案，已审理终结。现依法向你公告送达民事判决书。自公告之日起六十日内来本院领取民事判决书，逾期则视为送达。如不服本判决，可在公告期满后十五日内，向本院递交上诉状。
本院受理原告诉被告买卖合同纠纷一案，已审理终结。现依法向你公告送达民事判决书。自公告之日起六十日内来本院领取民事判决书，逾期则视为送达。如不服本判决，可在公告期满后十五日内，向本院递交上诉状。
江苏省南京市中级人民法院
江苏省南京市中级人民法院
本院受理原告诉被告买卖合同纠纷一案，已审理终结。现依法向你公告送达民事判决书。自公告之日起六十日内来本院领取民事判决书，逾期则视为送达。如不服本判决，可在公告期满后十五日内，向本院递交上诉状。
本院受理原告诉被告买卖合同纠纷一案，已审理终结。现依法向你公告送达民事判决书。自公告之日起六十日内来本院领取民事判决书，逾期则视为送达。如不服本判决，可在公告期满后十五日内，向本院递交上诉状。
本院受理原告诉被告买卖合同纠纷一案，已审理终结。现依法向你公告送达民事判决书。自公告之日起六十日内来本院领取民事判决书，逾期则视为送达。如不服本判决，可在公告期满后十五日内，向本院递交上诉状。
本院受理原告诉被告买卖合同纠纷一案，已审理终结。现依法向你公告送达民事判决书。自公告之日起六十日内来本院领取民事判决书，逾期则视为送达。如不服本判决，可在公告期满后十五日内，向本院递交上诉状。
江苏省南京市中级人民法院
江苏省南京市中级人民法院
本院受理原告诉被告买卖合同纠纷一案，已审理终结。现依法向你公告送达民事判决书。自公告之日起六十日内来本院领取民事判决书，逾期则视为送达。如不服本判决，可在公告期满后十五日内，向本院递交上诉状。
本院受理原告诉被告买卖合同纠纷一案，已审理终结。现依法向你公告送达民事判决书。自公告之日起六十日内来本院领取民事判决书，逾期则视为送达。如不服本判决，可在公告期满后十五日内，向本院递交上诉状。
本院受理原告诉被告买卖合同纠纷一案，已审理终结。现依法向你公告送达民事判决书。自公告之日起六十日内来本院领取民事判决书，逾期则视为送达。如不服本判决，可在公告期满后十五日内，向本院递交上诉状。
本院受理原告诉被告买卖合同纠纷一案，已审理终结。现依法向你公告送达民事判决书。自公告之日起六十日内来本院领取民事判决书，逾期则视为送达。如不服本判决，可在公告期满后十五日内，向本院递交上诉状。
江苏省南京市中级人民法院
江苏省南京市中级人民法院
本院受理原告诉被告买卖合同纠纷一案，已审理终结。现依法向你公告送达民事判决书。自公告之日起六十日内来本院领取民事判决书，逾期则视为送达。如不服本判决，可在公告期满后十五日内，向本院递交上诉状。
本院受理原告诉被告买卖合同纠纷一案，已审理终结。现依法向你公告送达民事判决书。自公告之日起六十日内来本院领取民事判决书，逾期则视为送达。如不服本判决，可在公告期满后十五日内，向本院递交上诉状。
本院受理原告诉被告买卖合同纠纷一案，已审理终结。现依法向你公告送达民事判决书。自公告之日起六十日内来本院领取民事判决书，逾期则视为送达。如不服本判决，可在公告期满后十五日内，向本院递交上诉状。
本院受理原告诉被告买卖合同纠纷一案，已审理终结。现依法向你公告送达民事判决书。自公告之日起六十日内来本院领取民事判决书，逾期则视为送达。如不服本判决，可在公告期满后十五日内，向本院递交上诉状。
江苏省南京市中级人民法院
江苏省南京市中级人民法院
本院受理原告诉被告买卖合同纠纷一案，已审理终结。现依法向你公告送达民事判决书。自公告之日起六十日内来本院领取民事判决书，逾期则视为送达。如不服本判决，可在公告期满后十五日内，向本院递交上诉状。
本院受理原告诉被告买卖合同纠纷一案，已审理终结。现依法向你公告送达民事判决书。自公告之日起六十日内来本院领取民事判决书，逾期则视为送达。如不服本判决，可在公告期满后十五日内，向本院递交上诉状。
本院受理原告诉被告买卖合同纠纷一案，已审理终结。现依法向你公告送达民事判决书。自公告之日起六十日内来本院领取民事判决书，逾期则视为送达。如不服本判决，可在公告期满后十五日内，向本院递交上诉状。
本院受理原告诉被告买卖合同纠纷一案，已审理终结。现依法向你公告送达民事判决书。自公告之日起六十日内来本院领取民事判决书，逾期则视为送达。如不服本判决，可在公告期满后十五日内，向本院递交上诉状。
江苏省南京市中级人民法院
江苏省南京市中级人民法院
本院受理原告诉被告买卖合同纠纷一案，已审理终结。现依法向你公告送达民事判决书。自公告之日起六十日内来本院领取民事判决书，逾期则视为送达。如不服本判决，可在公告期满后十五日内，向本院递交上诉状。
本院受理原告诉被告买卖合同纠纷一案，已审理终结。现依法向你公告送达民事判决书。自公告之日起六十日内来本院领取民事判决书，逾期则视为送达。如不服本判决，可在公告期满后十五日内，向本院递交上诉状。
本院受理原告诉被告买卖合同纠纷一案，已审理终结。现依法向你公告送达民事判决书。自公告之日起六十日内来本院领取民事判决书，逾期则视为送达。如不服本判决，可在公告期满后十五日内，向本院递交上诉状。
本院受理原告诉被告买卖合同纠纷一案，已审理终结。现依法向你公告送达民事判决书。自公告之日起六十日内来本院领取民事判决书，逾期则视为送达。如不服本判决，可在公告期满后十五日内，向本院递交上诉状。
江苏省南京市中级人民法院
江苏省南京市中级人民法院
本院受理原告诉被告买卖合同纠纷一案，已审理终结。现依法向你公告送达民事判决书。自公告之日起六十日内来本院领取民事判决书，逾期则视为送达。如不服本判决，可在公告期满后十五日内，向本院递交上诉状。
本院受理原告诉被告买卖合同纠纷一案，已审理终结。现依法向你公告送达民事判决书。自公告之日起六十日内来本院领取民事判决书，逾期则视为送达。如不服本判决，可在公告期满后十五日内，向本院递交上诉状。
本院受理原告诉被告买卖合同纠纷一案，已审理终结。现依法向你公告送达民事判决书。自公告之日起六十日内来本院领取民事判决书，逾期则视为送达。如不服本判决，可在公告期满后十五日内，向本院递交上诉状。
本院受理原告诉被告买卖合同纠纷一案，已审理终结。现依法向你公告送达民事判决书。自公告之日起六十日内来本院领取民事判决书，逾期则视为送达。如不服本判决，可在公告期满后十五日内，向本院递交上诉状。
江苏省南京市中级人民法院
江苏省南京市中级人民法院
本院受理原告诉被告买卖合同纠纷一案，已审理终结。现依法向你公告送达民事判决书。自公告之日起六十日内来本院领取民事判决书，逾期则视为送达。如不服本判决，可在公告期满后十五日内，向本院递交上诉状。
本院受理原告诉被告买卖合同纠纷一案，已审理终结。现依法向你公告送达民事判决书。自公告之日起六十日内来本院领取民事判决书，逾期则视为送达。如不服本判决，可在公告期满后十五日内，向本院递交上诉状。
本院受理原告诉被告买卖合同纠纷一案，已审理终结。现依法向你公告送达民事判决书。自公告之日起六十日内来本院领取民事判决书，逾期则视为送达。如不服本判决，可在公告期满后十五日内，向本院递交上诉状。
本院受理原告诉被告买卖合同纠纷一案，已审理终结。现依法向你公告送达民事判决书。自公告之日起六十日内来本院领取民事判决书，逾期则视为送达。如不服本判决，可在公告期满后十五日内，向本院递交上诉状。
江苏省南京市中级人民法院
江苏省南京市中级人民法院
本院受理原告诉被告买卖合同纠纷一案，已审理终结。现依法向你公告送达民事判决书。自公告之日起六十日内来本院领取民事判决书，逾期则视为送达。如不服本判决，可在公告期满后十五日内，向本院递交上诉状。
本院受理原告诉被告买卖合同纠纷一案，已审理终结。现依法向你公告送达民事判决书。自公告之日起六十日内来本院领取民事判决书，逾期则视为送达。如不服本判决，可在公告期满后十五日内，向本院递交上诉状。
本院受理原告诉被告买卖合同纠纷一案，已审理终结。现依法向你公告送达民事判决书。自公告之日起六十日内来本院领取民事判决书，逾期则视为送达。如不服本判决，可在公告期满后十五日内，向本院递交上诉状。
本院受理原告诉被告买卖合同纠纷一案，已审理终结。现依法向你公告送达民事判决书。自公告之日起六十日内来本院领取民事判决书，逾期则视为送达。如不服本判决，可在公告期满后十五日内，向本院递交上诉状。
江苏省南京市中级人民法院
9/12 中缝
公告专栏
安徽省铜陵市中级人民法院
本院受理上诉人与被上诉人房屋租赁合同纠纷一案，现依法向你公告送达上诉状副本。自公告之日起经过六十日即视为送达。提出答辩状的期限为公告期满后十五日内，逾期本院将依法审理。
本院受理上诉人与被上诉人房屋租赁合同纠纷一案，现依法向你公告送达上诉状副本。自公告之日起经过六十日即视为送达。提出答辩状的期限为公告期满后十五日内，逾期本院将依法审理。
本院受理上诉人与被上诉人房屋租赁合同纠纷一案，现依法向你公告送达上诉状副本。自公告之日起经过六十日即视为送达。提出答辩状的期限为公告期满后十五日内，逾期本院将依法审理。
本院受理上诉人与被上诉人房屋租赁合同纠纷一案，现依法向你公告送达上诉状副本。自公告之日起经过六十日即视为送达。提出答辩状的期限为公告期满后十五日内，逾期本院将依法审理。
安徽省铜陵市中级人民法院
安徽省铜陵市中级人民法院
本院受理上诉人与被上诉人房屋租赁合同纠纷一案，现依法向你公告送达上诉状副本。自公告之日起经过六十日即视为送达。提出答辩状的期限为公告期满后十五日内，逾期本院将依法审理。
本院受理上诉人与被上诉人房屋租赁合同纠纷一案，现依法向你公告送达上诉状副本。自公告之日起经过六十日即视为送达。提出答辩状的期限为公告期满后十五日内，逾期本院将依法审理。
本院受理上诉人与被上诉人房屋租赁合同纠纷一案，现依法向你公告送达上诉状副本。自公告之日起经过六十日即视为送达。提出答辩状的期限为公告期满后十五日内，逾期本院将依法审理。
本院受理上诉人与被上诉人房屋租赁合同纠纷一案，现依法向你公告送达上诉状副本。自公告之日起经过六十日即视为送达。提出答辩状的期限为公告期满后十五日内，逾期本院将依法审理。
安徽省铜陵市中级人民法院
安徽省铜陵市中级人民法院
本院受理上诉人与被上诉人房屋租赁合同纠纷一案，现依法向你公告送达上诉状副本。自公告之日起经过六十日即视为送达。提出答辩状的期限为公告期满后十五日内，逾期本院将依法审理。
本院受理上诉人与被上诉人房屋租赁合同纠纷一案，现依法向你公告送达上诉状副本。自公告之日起经过六十日即视为送达。提出答辩状的期限为公告期满后十五日内，逾期本院将依法审理。
本院受理上诉人与被上诉人房屋租赁合同纠纷一案，现依法向你公告送达上诉状副本。自公告之日起经过六十日即视为送达。提出答辩状的期限为公告期满后十五日内，逾期本院将依法审理。
本院受理上诉人与被上诉人房屋租赁合同纠纷一案，现依法向你公告送达上诉状副本。自公告之日起经过六十日即视为送达。提出答辩状的期限为公告期满后十五日内，逾期本院将依法审理。
安徽省铜陵市中级人民法院
安徽省铜陵市中级人民法院
本院受理上诉人与被上诉人房屋租赁合同纠纷一案，现依法向你公告送达上诉状副本。自公告之日起经过六十日即视为送达。提出答辩状的期限为公告期满后十五日内，逾期本院将依法审理。
本院受理上诉人与被上诉人房屋租赁合同纠纷一案，现依法向你公告送达上诉状副本。自公告之日起经过六十日即视为送达。提出答辩状的期限为公告期满后十五日内，逾期本院将依法审理。
本院受理上诉人与被上诉人房屋租赁合同纠纷一案，现依法向你公告送达上诉状副本。自公告之日起经过六十日即视为送达。提出答辩状的期限为公告期满后十五日内，逾期本院将依法审理。
本院受理上诉人与被上诉人房屋租赁合同纠纷一案，现依法向你公告送达上诉状副本。自公告之日起经过六十日即视为送达。提出答辩状的期限为公告期满后十五日内，逾期本院将依法审理。
安徽省铜陵市中级人民法院
安徽省铜陵市中级人民法院
本院受理上诉人与被上诉人房屋租赁合同纠纷一案，现依法向你公告送达上诉状副本。自公告之日起经过六十日即视为送达。提出答辩状的期限为公告期满后十五日内，逾期本院将依法审理。
本院受理上诉人与被上诉人房屋租赁合同纠纷一案，现依法向你公告送达上诉状副本。自公告之日起经过六十日即视为送达。提出答辩状的期限为公告期满后十五日内，逾期本院将依法审理。
本院受理上诉人与被上诉人房屋租赁合同纠纷一案，现依法向你公告送达上诉状副本。自公告之日起经过六十日即视为送达。提出答辩状的期限为公告期满后十五日内，逾期本院将依法审理。
本院受理上诉人与被上诉人房屋租赁合同纠纷一案，现依法向你公告送达上诉状副本。自公告之日起经过六十日即视为送达。提出答辩状的期限为公告期满后十五日内，逾期本院将依法审理。
安徽省铜陵市中级人民法院
安徽省铜陵市中级人民法院
本院受理上诉人与被上诉人房屋租赁合同纠纷一案，现依法向你公告送达上诉状副本。自公告之日起经过六十日即视为送达。提出答辩状的期限为公告期满后十五日内，逾期本院将依法审理。
本院受理上诉人与被上诉人房屋租赁合同纠纷一案，现依法向你公告送达上诉状副本。自公告之日起经过六十日即视为送达。提出答辩状的期限为公告期满后十五日内，逾期本院将依法审理。
本院受理上诉人与被上诉人房屋租赁合同纠纷一案，现依法向你公告送达上诉状副本。自公告之日起经过六十日即视为送达。提出答辩状的期限为公告期满后十五日内，逾期本院将依法审理。
本院受理上诉人与被上诉人房屋租赁合同纠纷一案，现依法向你公告送达上诉状副本。自公告之日起经过六十日即视为送达。提出答辩状的期限为公告期满后十五日内，逾期本院将依法审理。
安徽省铜陵市中级人民法院
安徽省铜陵市中级人民法院
本院受理上诉人与被上诉人房屋租赁合同纠纷一案，现依法向你公告送达上诉状副本。自公告之日起经过六十日即视为送达。提出答辩状的期限为公告期满后十五日内，逾期本院将依法审理。
本院受理上诉人与被上诉人房屋租赁合同纠纷一案，现依法向你公告送达上诉状副本。自公告之日起经过六十日即视为送达。提出答辩状的期限为公告期满后十五日内，逾期本院将依法审理。
本院受理上诉人与被上诉人房屋租赁合同纠纷一案，现依法向你公告送达上诉状副本。自公告之日起经过六十日即视为送达。提出答辩状的期限为公告期满后十五日内，逾期本院将依法审理。
本院受理上诉人与被上诉人房屋租赁合同纠纷一案，现依法向你公告送达上诉状副本。自公告之日起经过六十日即视为送达。提出答辩状的期限为公告期满后十五日内，逾期本院将依法审理。
安徽省铜陵市中级人民法院
安徽省铜陵市中级人民法院
本院受理上诉人与被上诉人房屋租赁合同纠纷一案，现依法向你公告送达上诉状副本。自公告之日起经过六十日即视为送达。提出答辩状的期限为公告期满后十五日内，逾期本院将依法审理。
本院受理上诉人与被上诉人房屋租赁合同纠纷一案，现依法向你公告送达上诉状副本。自公告之日起经过六十日即视为送达。提出答辩状的期限为公告期满后十五日内，逾期本院将依法审理。
本院受理上诉人与被上诉人房屋租赁合同纠纷一案，现依法向你公告送达上诉状副本。自公告之日起经过六十日即视为送达。提出答辩状的期限为公告期满后十五日内，逾期本院将依法审理。
本院受理上诉人与被上诉人房屋租赁合同纠纷一案，现依法向你公告送达上诉状副本。自公告之日起经过六十日即视为送达。提出答辩状的期限为公告期满后十五日内，逾期本院将依法审理。
安徽省铜陵市中级人民法院
安徽省铜陵市中级人民法院
本院受理上诉人与被上诉人房屋租赁合同纠纷一案，现依法向你公告送达上诉状副本。自公告之日起经过六十日即视为送达。提出答辩状的期限为公告期满后十五日内，逾期本院将依法审理。
本院受理上诉人与被上诉人房屋租赁合同纠纷一案，现依法向你公告送达上诉状副本。自公告之日起经过六十日即视为送达。提出答辩状的期限为公告期满后十五日内，逾期本院将依法审理。
本院受理上诉人与被上诉人房屋租赁合同纠纷一案，现依法向你公告送达上诉状副本。自公告之日起经过六十日即视为送达。提出答辩状的期限为公告期满后十五日内，逾期本院将依法审理。
本院受理上诉人与被上诉人房屋租赁合同纠纷一案，现依法向你公告送达上诉状副本。自公告之日起经过六十日即视为送达。提出答辩状的期限为公告期满后十五日内，逾期本院将依法审理。
安徽省铜陵市中级人民法院
安徽省铜陵市中级人民法院
本院受理上诉人与被上诉人房屋租赁合同纠纷一案，现依法向你公告送达上诉状副本。自公告之日起经过六十日即视为送达。提出答辩状的期限为公告期满后十五日内，逾期本院将依法审理。
本院受理上诉人与被上诉人房屋租赁合同纠纷一案，现依法向你公告送达上诉状副本。自公告之日起经过六十日即视为送达。提出答辩状的期限为公告期满后十五日内，逾期本院将依法审理。
本院受理上诉人与被上诉人房屋租赁合同纠纷一案，现依法向你公告送达上诉状副本。自公告之日起经过六十日即视为送达。提出答辩状的期限为公告期满后十五日内，逾期本院将依法审理。
本院受理上诉人与被上诉人房屋租赁合同纠纷一案，现依法向你公告送达上诉状副本。自公告之日起经过六十日即视为送达。提出答辩状的期限为公告期满后十五日内，逾期本院将依法审理。
安徽省铜陵市中级人民法院
安徽省铜陵市中级人民法院
本院受理上诉人与被上诉人房屋租赁合同纠纷一案，现依法向你公告送达上诉状副本。自公告之日起经过六十日即视为送达。提出答辩状的期限为公告期满后十五日内，逾期本院将依法审理。
本院受理上诉人与被上诉人房屋租赁合同纠纷一案，现依法向你公告送达上诉状副本。自公告之日起经过六十日即视为送达。提出答辩状的期限为公告期满后十五日内，逾期本院将依法审理。
本院受理上诉人与被上诉人房屋租赁合同纠纷一案，现依法向你公告送达上诉状副本。自公告之日起经过六十日即视为送达。提出答辩状的期限为公告期满后十五日内，逾期本院将依法审理。
本院受理上诉人与被上诉人房屋租赁合同纠纷一案，现依法向你公告送达上诉状副本。自公告之日起经过六十日即视为送达。提出答辩状的期限为公告期满后十五日内，逾期本院将依法审理。
安徽省铜陵市中级人民法院
10/11 中缝
公告专栏
遗失声明
遗失声明：本公司不慎遗失营业执照副本、公章、财务专用章及发票若干份，特此声明作废。如有遗失物品者请与本单位联系，特此公告。
遗失声明：本公司不慎遗失营业执照副本、公章、财务专用章及发票若干份，特此声明作废。如有遗失物品者请与本单位联系，特此公告。
遗失声明：本公司不慎遗失营业执照副本、公章、财务专用章及发票若干份，特此声明作废。如有遗失物品者请与本单位联系，特此公告。
遗失声明：本公司不慎遗失营业执照副本、公章、财务专用章及发票若干份，特此声明作废。如有遗失物品者请与本单位联系，特此公告。
本期公告人
遗失声明
遗失声明：本公司不慎遗失营业执照副本、公章、财务专用章及发票若干份，特此声明作废。如有遗失物品者请与本单位联系，特此公告。
遗失声明：本公司不慎遗失营业执照副本、公章、财务专用章及发票若干份，特此声明作废。如有遗失物品者请与本单位联系，特此公告。
遗失声明：本公司不慎遗失营业执照副本、公章、财务专用章及发票若干份，特此声明作废。如有遗失物品者请与本单位联系，特此公告。
遗失声明：本公司不慎遗失营业执照副本、公章、财务专用章及发票若干份，特此声明作废。如有遗失物品者请与本单位联系，特此公告。
本期公告人
遗失声明
遗失声明：本公司不慎遗失营业执照副本、公章、财务专用章及发票若干份，特此声明作废。如有遗失物品者请与本单位联系，特此公告。
遗失声明：本公司不慎遗失营业执照副本、公章、财务专用章及发票若干份，特此声明作废。如有遗失物品者请与本单位联系，特此公告。
遗失声明：本公司不慎遗失营业执照副本、公章、财务专用章及发票若干份，特此声明作废。如有遗失物品者请与本单位联系，特此公告。
遗失声明：本公司不慎遗失营业执照副本、公章、财务专用章及发票若干份，特此声明作废。如有遗失物品者请与本单位联系，特此公告。
本期公告人
遗失声明
遗失声明：本公司不慎遗失营业执照副本、公章、财务专用章及发票若干份，特此声明作废。如有遗失物品者请与本单位联系，特此公告。
遗失声明：本公司不慎遗失营业执照副本、公章、财务专用章及发票若干份，特此声明作废。如有遗失物品者请与本单位联系，特此公告。
遗失声明：本公司不慎遗失营业执照副本、公章、财务专用章及发票若干份，特此声明作废。如有遗失物品者请与本单位联系，特此公告。
遗失声明：本公司不慎遗失营业执照副本、公章、财务专用章及发票若干份，特此声明作废。如有遗失物品者请与本单位联系，特此公告。
本期公告人
遗失声明
遗失声明：本公司不慎遗失营业执照副本、公章、财务专用章及发票若干份，特此声明作废。如有遗失物品者请与本单位联系，特此公告。
遗失声明：本公司不慎遗失营业执照副本、公章、财务专用章及发票若干份，特此声明作废。如有遗失物品者请与本单位联系，特此公告。
遗失声明：本公司不慎遗失营业执照副本、公章、财务专用章及发票若干份，特此声明作废。如有遗失物品者请与本单位联系，特此公告。
遗失声明：本公司不慎遗失营业执照副本、公章、财务专用章及发票若干份，特此声明作废。如有遗失物品者请与本单位联系，特此公告。
本期公告人
遗失声明
遗失声明：本公司不慎遗失营业执照副本、公章、财务专用章及发票若干份，特此声明作废。如有遗失物品者请与本单位联系，特此公告。
遗失声明：本公司不慎遗失营业执照副本、公章、财务专用章及发票若干份，特此声明作废。如有遗失物品者请与本单位联系，特此公告。
遗失声明：本公司不慎遗失营业执照副本、公章、财务专用章及发票若干份，特此声明作废。如有遗失物品者请与本单位联系，特此公告。
遗失声明：本公司不慎遗失营业执照副本、公章、财务专用章及发票若干份，特此声明作废。如有遗失物品者请与本单位联系，特此公告。
本期公告人
遗失声明
遗失声明：本公司不慎遗失营业执照副本、公章、财务专用章及发票若干份，特此声明作废。如有遗失物品者请与本单位联系，特此公告。
遗失声明：本公司不慎遗失营业执照副本、公章、财务专用章及发票若干份，特此声明作废。如有遗失物品者请与本单位联系，特此公告。
遗失声明：本公司不慎遗失营业执照副本、公章、财务专用章及发票若干份，特此声明作废。如有遗失物品者请与本单位联系，特此公告。
遗失声明：本公司不慎遗失营业执照副本、公章、财务专用章及发票若干份，特此声明作废。如有遗失物品者请与本单位联系，特此公告。
本期公告人
遗失声明
遗失声明：本公司不慎遗失营业执照副本、公章、财务专用章及发票若干份，特此声明作废。如有遗失物品者请与本单位联系，特此公告。
遗失声明：本公司不慎遗失营业执照副本、公章、财务专用章及发票若干份，特此声明作废。如有遗失物品者请与本单位联系，特此公告。
遗失声明：本公司不慎遗失营业执照副本、公章、财务专用章及发票若干份，特此声明作废。如有遗失物品者请与本单位联系，特此公告。
遗失声明：本公司不慎遗失营业执照副本、公章、财务专用章及发票若干份，特此声明作废。如有遗失物品者请与本单位联系，特此公告。
本期公告人
遗失声明
遗失声明：本公司不慎遗失营业执照副本、公章、财务专用章及发票若干份，特此声明作废。如有遗失物品者请与本单位联系，特此公告。
遗失声明：本公司不慎遗失营业执照副本、公章、财务专用章及发票若干份，特此声明作废。如有遗失物品者请与本单位联系，特此公告。
遗失声明：本公司不慎遗失营业执照副本、公章、财务专用章及发票若干份，特此声明作废。如有遗失物品者请与本单位联系，特此公告。
遗失声明：本公司不慎遗失营业执照副本、公章、财务专用章及发票若干份，特此声明作废。如有遗失物品者请与本单位联系，特此公告。
本期公告人
遗失声明
遗失声明：本公司不慎遗失营业执照副本、公章、财务专用章及发票若干份，特此声明作废。如有遗失物品者请与本单位联系，特此公告。
遗失声明：本公司不慎遗失营业执照副本、公章、财务专用章及发票若干份，特此声明作废。如有遗失物品者请与本单位联系，特此公告。
遗失声明：本公司不慎遗失营业执照副本、公章、财务专用章及发票若干份，特此声明作废。如有遗失物品者请与本单位联系，特此公告。
遗失声明：本公司不慎遗失营业执照副本、公章、财务专用章及发票若干份，特此声明作废。如有遗失物品者请与本单位联系，特此公告。
本期公告人
遗失声明
遗失声明：本公司不慎遗失营业执照副本、公章、财务专用章及发票若干份，特此声明作废。如有遗失物品者请与本单位联系，特此公告。
遗失声明：本公司不慎遗失营业执照副本、公章、财务专用章及发票若干份，特此声明作废。如有遗失物品者请与本单位联系，特此公告。
遗失声明：本公司不慎遗失营业执照副本、公章、财务专用章及发票若干份，特此声明作废。如有遗失物品者请与本单位联系，特此公告。
遗失声明：本公司不慎遗失营业执照副本、公章、财务专用章及发票若干份，特此声明作废。如有遗失物品者请与本单位联系，特此公告。
本期公告人
